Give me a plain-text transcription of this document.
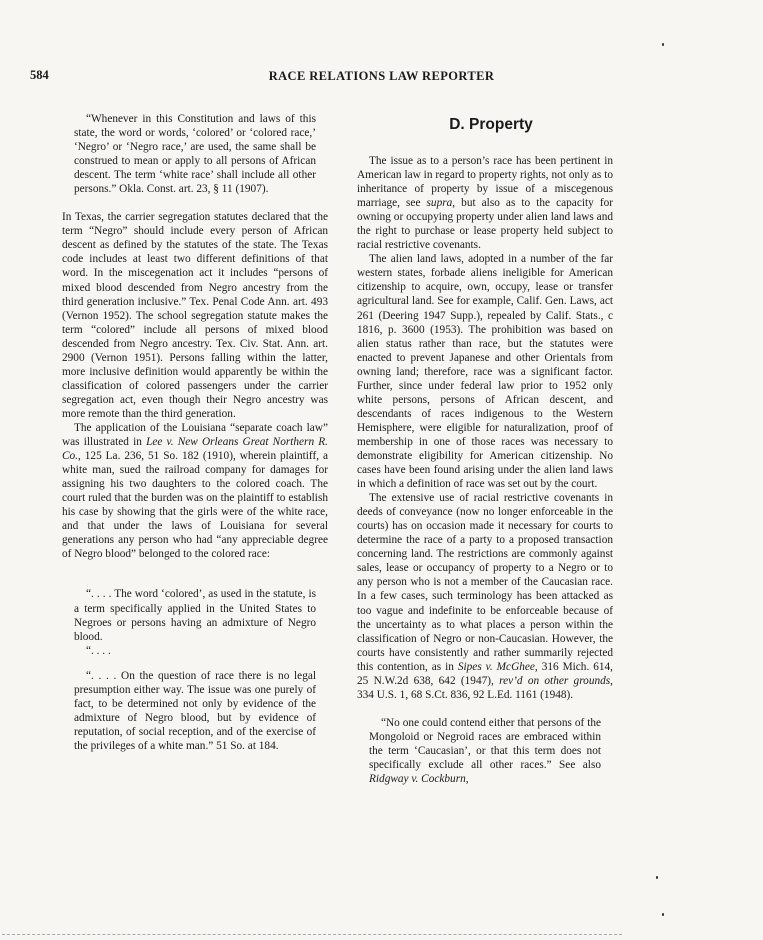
584	RACE RELATIONS LAW REPORTER

“Whenever in this Constitution and laws of this state, the word or words, ‘colored’ or ‘colored race,’ ‘Negro’ or ‘Negro race,’ are used, the same shall be construed to mean or apply to all persons of African descent. The term ‘white race’ shall include all other persons.” Okla. Const. art. 23, § 11 (1907).

In Texas, the carrier segregation statutes declared that the term “Negro” should include every person of African descent as defined by the statutes of the state. The Texas code includes at least two different definitions of that word. In the miscegenation act it includes “persons of mixed blood descended from Negro ancestry from the third generation inclusive.” Tex. Penal Code Ann. art. 493 (Vernon 1952). The school segregation statute makes the term “colored” include all persons of mixed blood descended from Negro ancestry. Tex. Civ. Stat. Ann. art. 2900 (Vernon 1951). Persons falling within the latter, more inclusive definition would apparently be within the classification of colored passengers under the carrier segregation act, even though their Negro ancestry was more remote than the third generation.

The application of the Louisiana “separate coach law” was illustrated in Lee v. New Orleans Great Northern R. Co., 125 La. 236, 51 So. 182 (1910), wherein plaintiff, a white man, sued the railroad company for damages for assigning his two daughters to the colored coach. The court ruled that the burden was on the plaintiff to establish his case by showing that the girls were of the white race, and that under the laws of Louisiana for several generations any person who had “any appreciable degree of Negro blood” belonged to the colored race:

“. . . . The word ‘colored’, as used in the statute, is a term specifically applied in the United States to Negroes or persons having an admixture of Negro blood.

“. . . .

“. . . . On the question of race there is no legal presumption either way. The issue was one purely of fact, to be determined not only by evidence of the admixture of Negro blood, but by evidence of reputation, of social reception, and of the exercise of the privileges of a white man.” 51 So. at 184.

D. Property

The issue as to a person’s race has been pertinent in American law in regard to property rights, not only as to inheritance of property by issue of a miscegenous marriage, see supra, but also as to the capacity for owning or occupying property under alien land laws and the right to purchase or lease property held subject to racial restrictive covenants.

The alien land laws, adopted in a number of the far western states, forbade aliens ineligible for American citizenship to acquire, own, occupy, lease or transfer agricultural land. See for example, Calif. Gen. Laws, act 261 (Deering 1947 Supp.), repealed by Calif. Stats., c 1816, p. 3600 (1953). The prohibition was based on alien status rather than race, but the statutes were enacted to prevent Japanese and other Orientals from owning land; therefore, race was a significant factor. Further, since under federal law prior to 1952 only white persons, persons of African descent, and descendants of races indigenous to the Western Hemisphere, were eligible for naturalization, proof of membership in one of those races was necessary to demonstrate eligibility for American citizenship. No cases have been found arising under the alien land laws in which a definition of race was set out by the court.

The extensive use of racial restrictive covenants in deeds of conveyance (now no longer enforceable in the courts) has on occasion made it necessary for courts to determine the race of a party to a proposed transaction concerning land. The restrictions are commonly against sales, lease or occupancy of property to a Negro or to any person who is not a member of the Caucasian race. In a few cases, such terminology has been attacked as too vague and indefinite to be enforceable because of the uncertainty as to what places a person within the classification of Negro or non-Caucasian. However, the courts have consistently and rather summarily rejected this contention, as in Sipes v. McGhee, 316 Mich. 614, 25 N.W.2d 638, 642 (1947), rev’d on other grounds, 334 U.S. 1, 68 S.Ct. 836, 92 L.Ed. 1161 (1948).

“No one could contend either that persons of the Mongoloid or Negroid races are embraced within the term ‘Caucasian’, or that this term does not specifically exclude all other races.” See also Ridgway v. Cockburn,
